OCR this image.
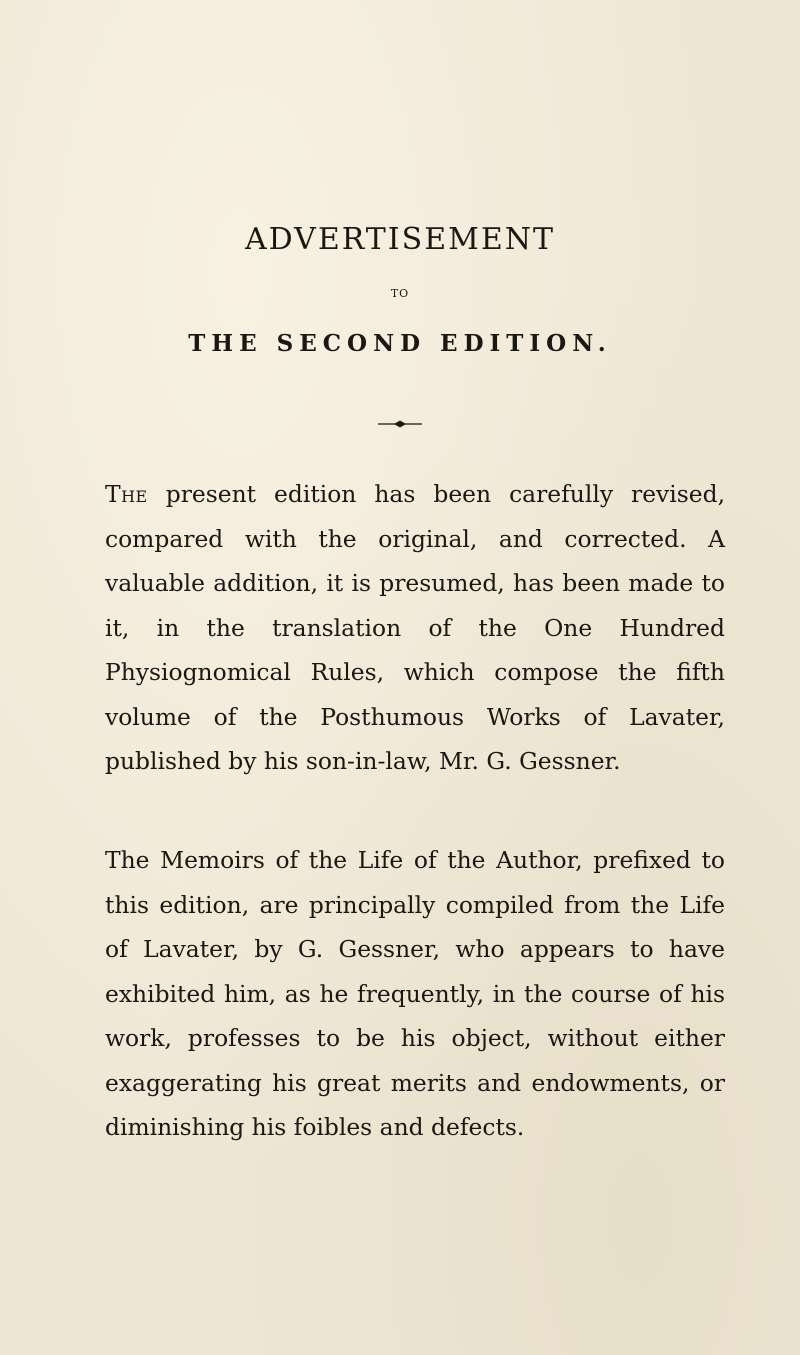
ADVERTISEMENT
TO
THE SECOND EDITION.

The present edition has been carefully revised, compared with the original, and corrected. A valuable addition, it is presumed, has been made to it, in the translation of the One Hundred Physiognomical Rules, which compose the fifth volume of the Posthumous Works of Lavater, published by his son-in-law, Mr. G. Gessner.

The Memoirs of the Life of the Author, prefixed to this edition, are principally compiled from the Life of Lavater, by G. Gessner, who appears to have exhibited him, as he frequently, in the course of his work, professes to be his object, without either exaggerating his great merits and endowments, or diminishing his foibles and defects.
